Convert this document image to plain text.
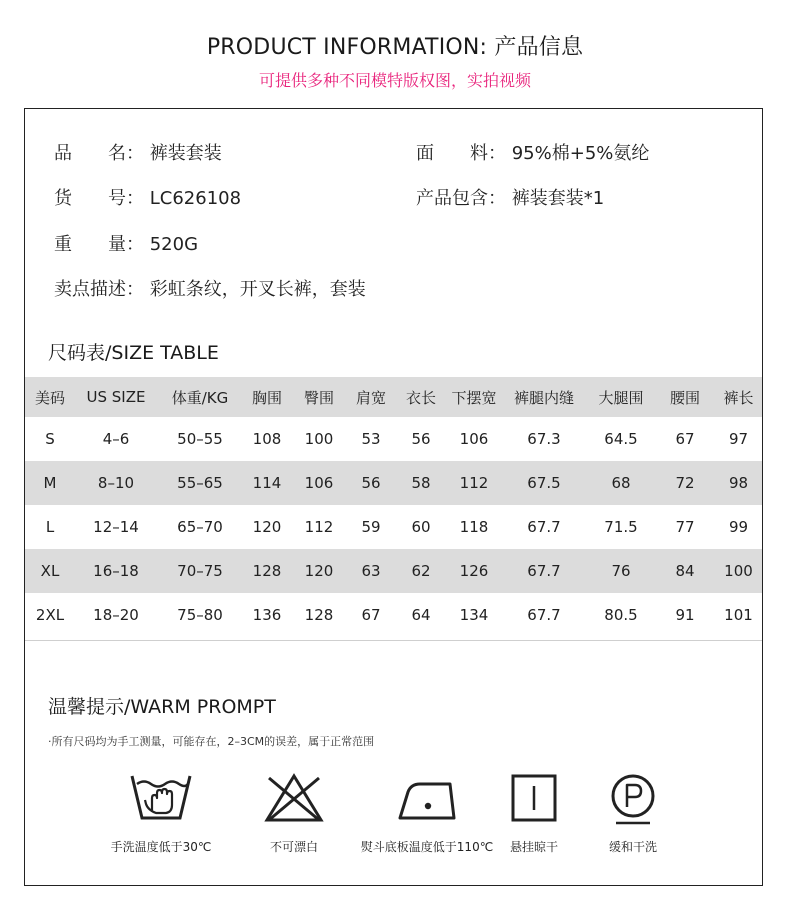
PRODUCT INFORMATION: 产品信息
可提供多种不同模特版权图，实拍视频
品　　名： 裤装套装	面　　料： 95%棉+5%氨纶
货　　号： LC626108	产品包含： 裤装套装*1
重　　量： 520G
卖点描述： 彩虹条纹，开叉长裤，套装
尺码表/SIZE TABLE
美码	US SIZE	体重/KG	胸围	臀围	肩宽	衣长	下摆宽	裤腿内缝	大腿围	腰围	裤长
S	4–6	50–55	108	100	53	56	106	67.3	64.5	67	97
M	8–10	55–65	114	106	56	58	112	67.5	68	72	98
L	12–14	65–70	120	112	59	60	118	67.7	71.5	77	99
XL	16–18	70–75	128	120	63	62	126	67.7	76	84	100
2XL	18–20	75–80	136	128	67	64	134	67.7	80.5	91	101
温馨提示/WARM PROMPT
·所有尺码均为手工测量，可能存在，2–3CM的误差，属于正常范围
手洗温度低于30℃	不可漂白	熨斗底板温度低于110℃	悬挂晾干	缓和干洗
